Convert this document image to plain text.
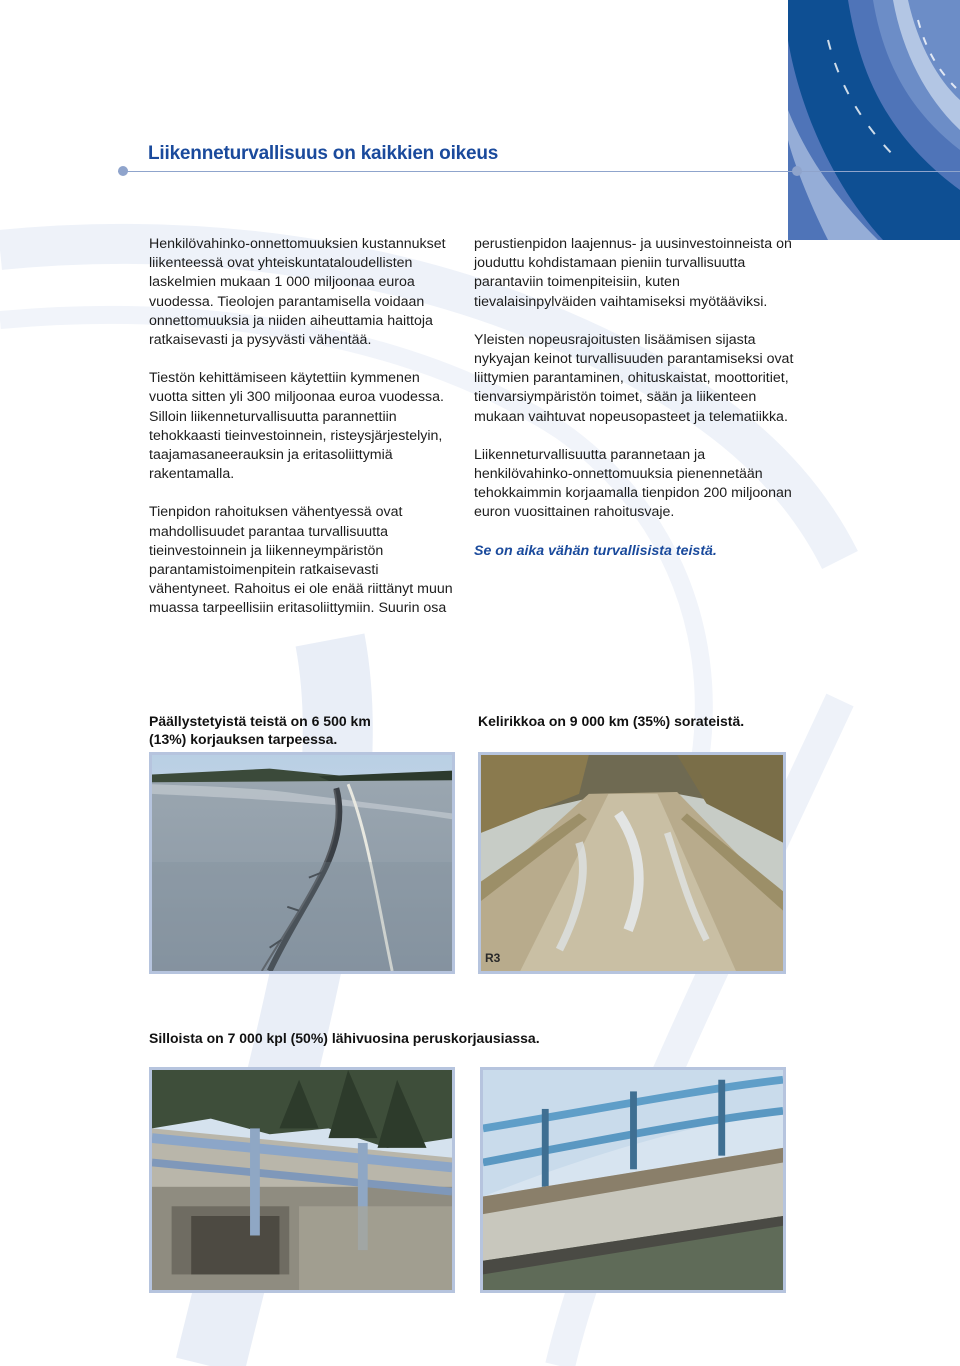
Liikenneturvallisuus on kaikkien oikeus

Henkilövahinko-onnettomuuksien kustannukset liikenteessä ovat yhteiskuntataloudellisten laskelmien mukaan 1 000 miljoonaa euroa vuodessa. Tieolojen parantamisella voidaan onnettomuuksia ja niiden aiheuttamia haittoja ratkaisevasti ja pysyvästi vähentää.

Tiestön kehittämiseen käytettiin kymmenen vuotta sitten yli 300 miljoonaa euroa vuodessa. Silloin liikenneturvallisuutta parannettiin tehokkaasti tieinvestoinnein, risteysjärjestelyin, taajamasaneerauksin ja eritasoliittymiä rakentamalla.

Tienpidon rahoituksen vähentyessä ovat mahdollisuudet parantaa turvallisuutta tieinvestoinnein ja liikenneympäristön parantamistoimenpitein ratkaisevasti vähentyneet. Rahoitus ei ole enää riittänyt muun muassa tarpeellisiin eritasoliittymiin. Suurin osa

perustienpidon laajennus- ja uusinvestoinneista on jouduttu kohdistamaan pieniin turvallisuutta parantaviin toimenpiteisiin, kuten tievalaisinpylväiden vaihtamiseksi myötääviksi.

Yleisten nopeusrajoitusten lisäämisen sijasta nykyajan keinot turvallisuuden parantamiseksi ovat liittymien parantaminen, ohituskaistat, moottoritiet, tienvarsiympäristön toimet, sään ja liikenteen mukaan vaihtuvat nopeusopasteet ja telematiikka.

Liikenneturvallisuutta parannetaan ja henkilövahinko-onnettomuuksia pienennetään tehokkaimmin korjaamalla tienpidon 200 miljoonan euron vuosittainen rahoitusvaje.

Se on aika vähän turvallisista teistä.

Päällystetyistä teistä on 6 500 km (13%) korjauksen tarpeessa.

Kelirikkoa on 9 000 km (35%) sorateistä.

R3

Silloista on 7 000 kpl (50%) lähivuosina peruskorjausiassa.
